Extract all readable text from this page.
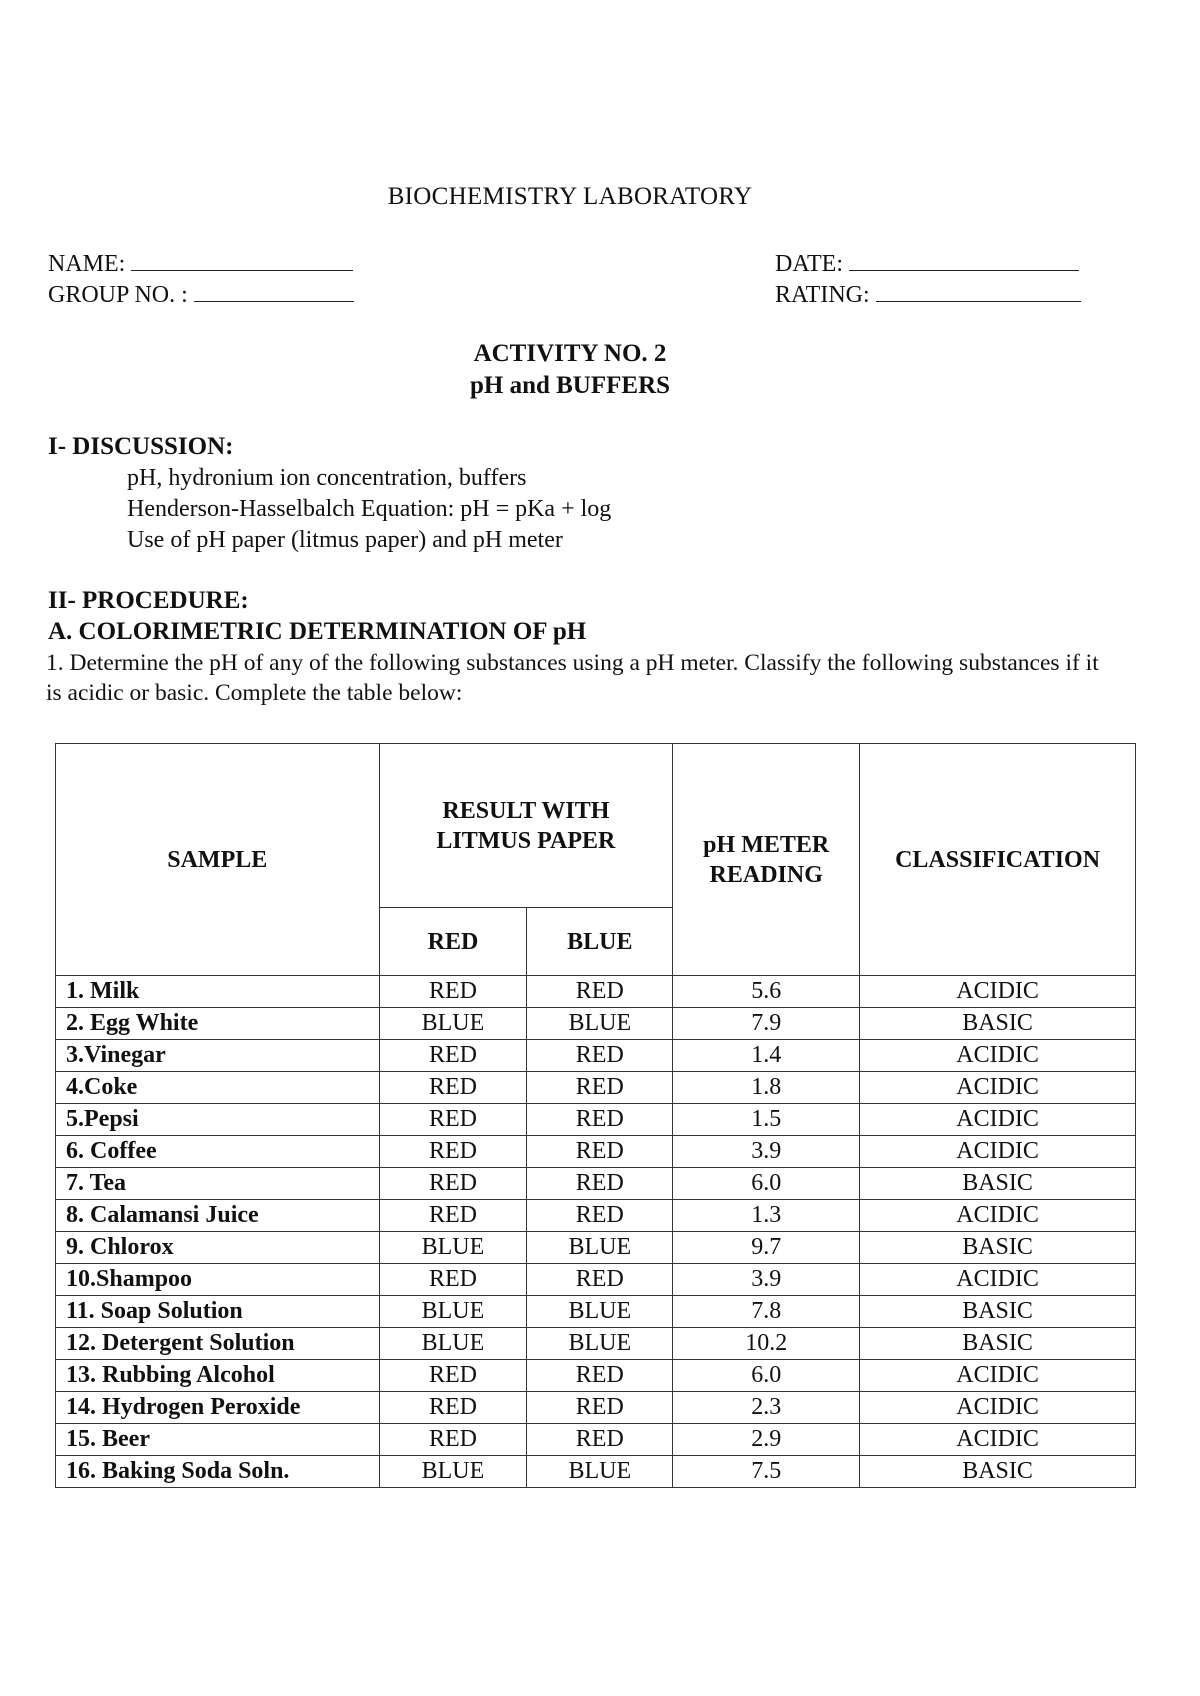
BIOCHEMISTRY LABORATORY
NAME:
GROUP NO. :
DATE:
RATING:
ACTIVITY NO. 2
pH and BUFFERS
I- DISCUSSION:
pH, hydronium ion concentration, buffers
Henderson-Hasselbalch Equation: pH = pKa + log
Use of pH paper (litmus paper) and pH meter
II- PROCEDURE:
A. COLORIMETRIC DETERMINATION OF pH
1. Determine the pH of any of the following substances using a pH meter. Classify the following substances if it is acidic or basic. Complete the table below:
SAMPLE	RESULT WITH LITMUS PAPER		pH METER READING	CLASSIFICATION
	RED	BLUE		
1. Milk	RED	RED	5.6	ACIDIC
2. Egg White	BLUE	BLUE	7.9	BASIC
3.Vinegar	RED	RED	1.4	ACIDIC
4.Coke	RED	RED	1.8	ACIDIC
5.Pepsi	RED	RED	1.5	ACIDIC
6. Coffee	RED	RED	3.9	ACIDIC
7. Tea	RED	RED	6.0	BASIC
8. Calamansi Juice	RED	RED	1.3	ACIDIC
9. Chlorox	BLUE	BLUE	9.7	BASIC
10.Shampoo	RED	RED	3.9	ACIDIC
11. Soap Solution	BLUE	BLUE	7.8	BASIC
12. Detergent Solution	BLUE	BLUE	10.2	BASIC
13. Rubbing Alcohol	RED	RED	6.0	ACIDIC
14. Hydrogen Peroxide	RED	RED	2.3	ACIDIC
15. Beer	RED	RED	2.9	ACIDIC
16. Baking Soda Soln.	BLUE	BLUE	7.5	BASIC
